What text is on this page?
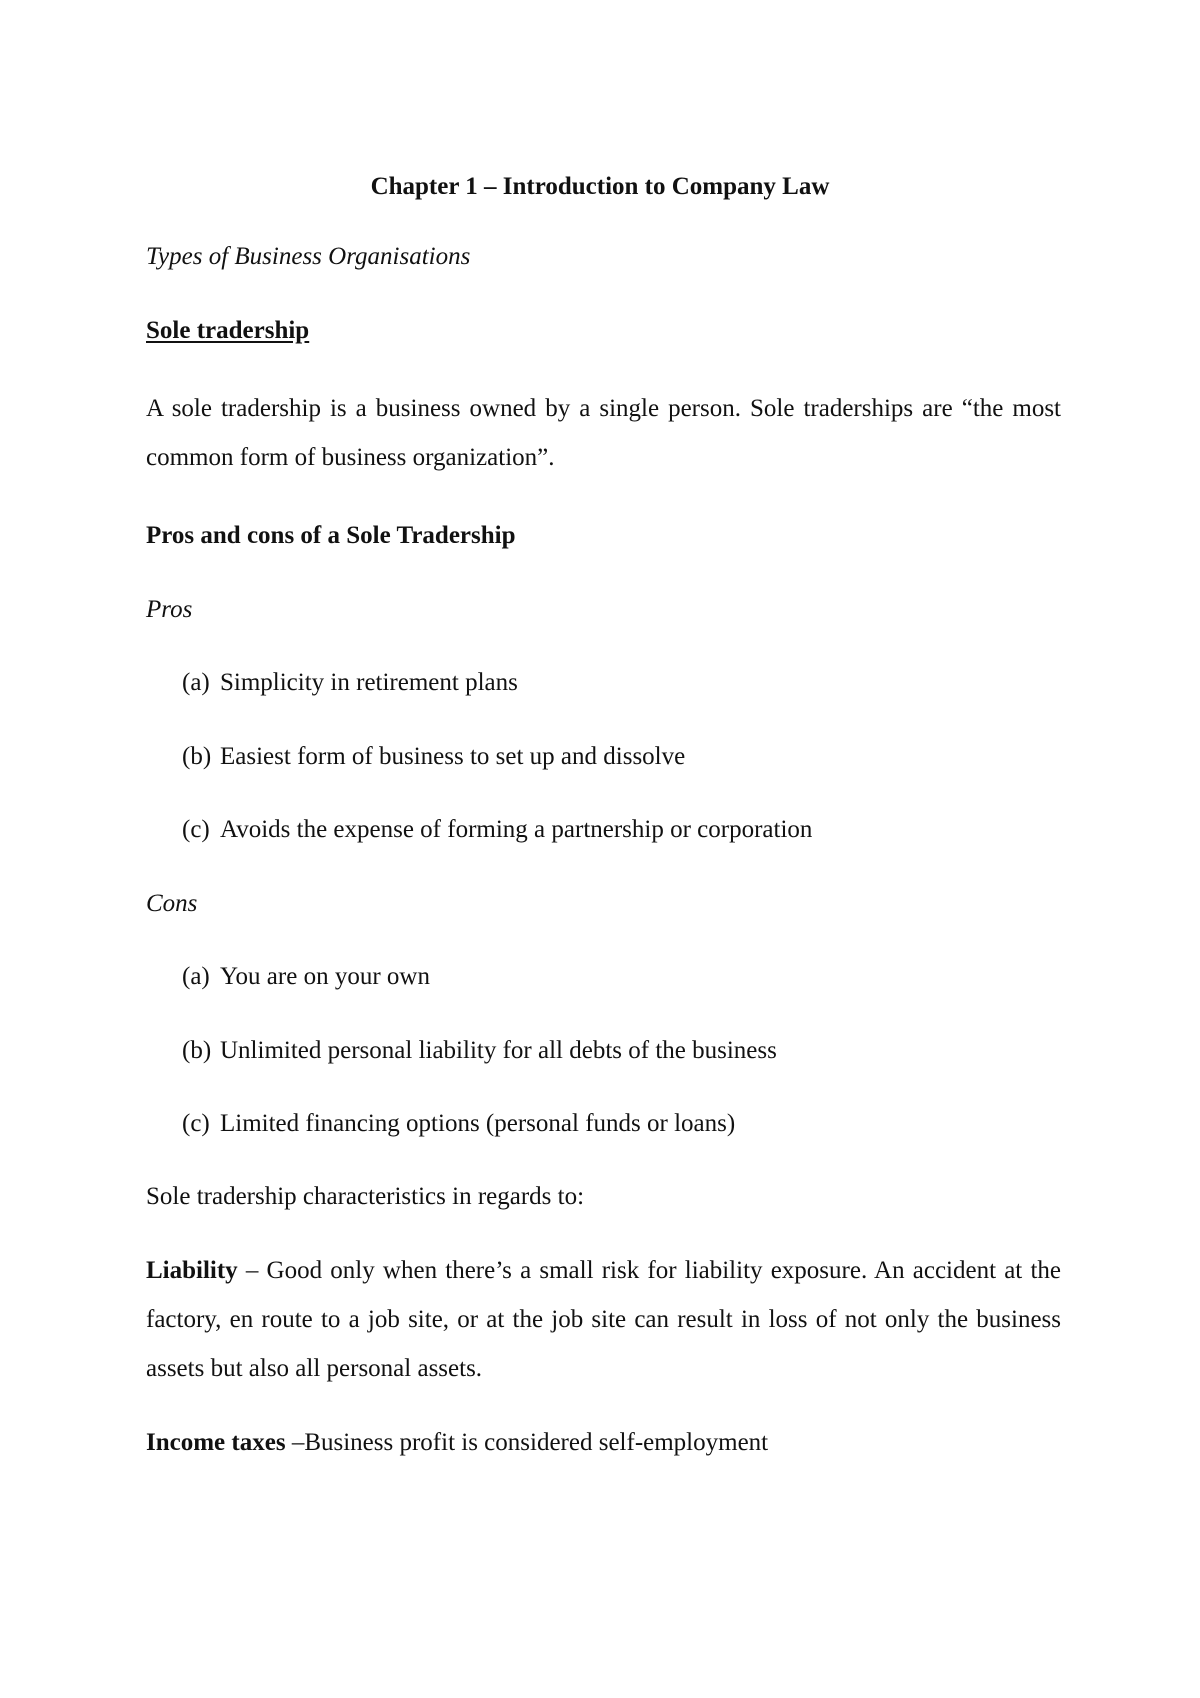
Chapter 1 – Introduction to Company Law
Types of Business Organisations
Sole tradership
A sole tradership is a business owned by a single person. Sole traderships are “the most common form of business organization”.
Pros and cons of a Sole Tradership
Pros
(a) Simplicity in retirement plans
(b) Easiest form of business to set up and dissolve
(c) Avoids the expense of forming a partnership or corporation
Cons
(a) You are on your own
(b) Unlimited personal liability for all debts of the business
(c) Limited financing options (personal funds or loans)
Sole tradership characteristics in regards to:
Liability – Good only when there’s a small risk for liability exposure. An accident at the factory, en route to a job site, or at the job site can result in loss of not only the business assets but also all personal assets.
Income taxes –Business profit is considered self-employment
